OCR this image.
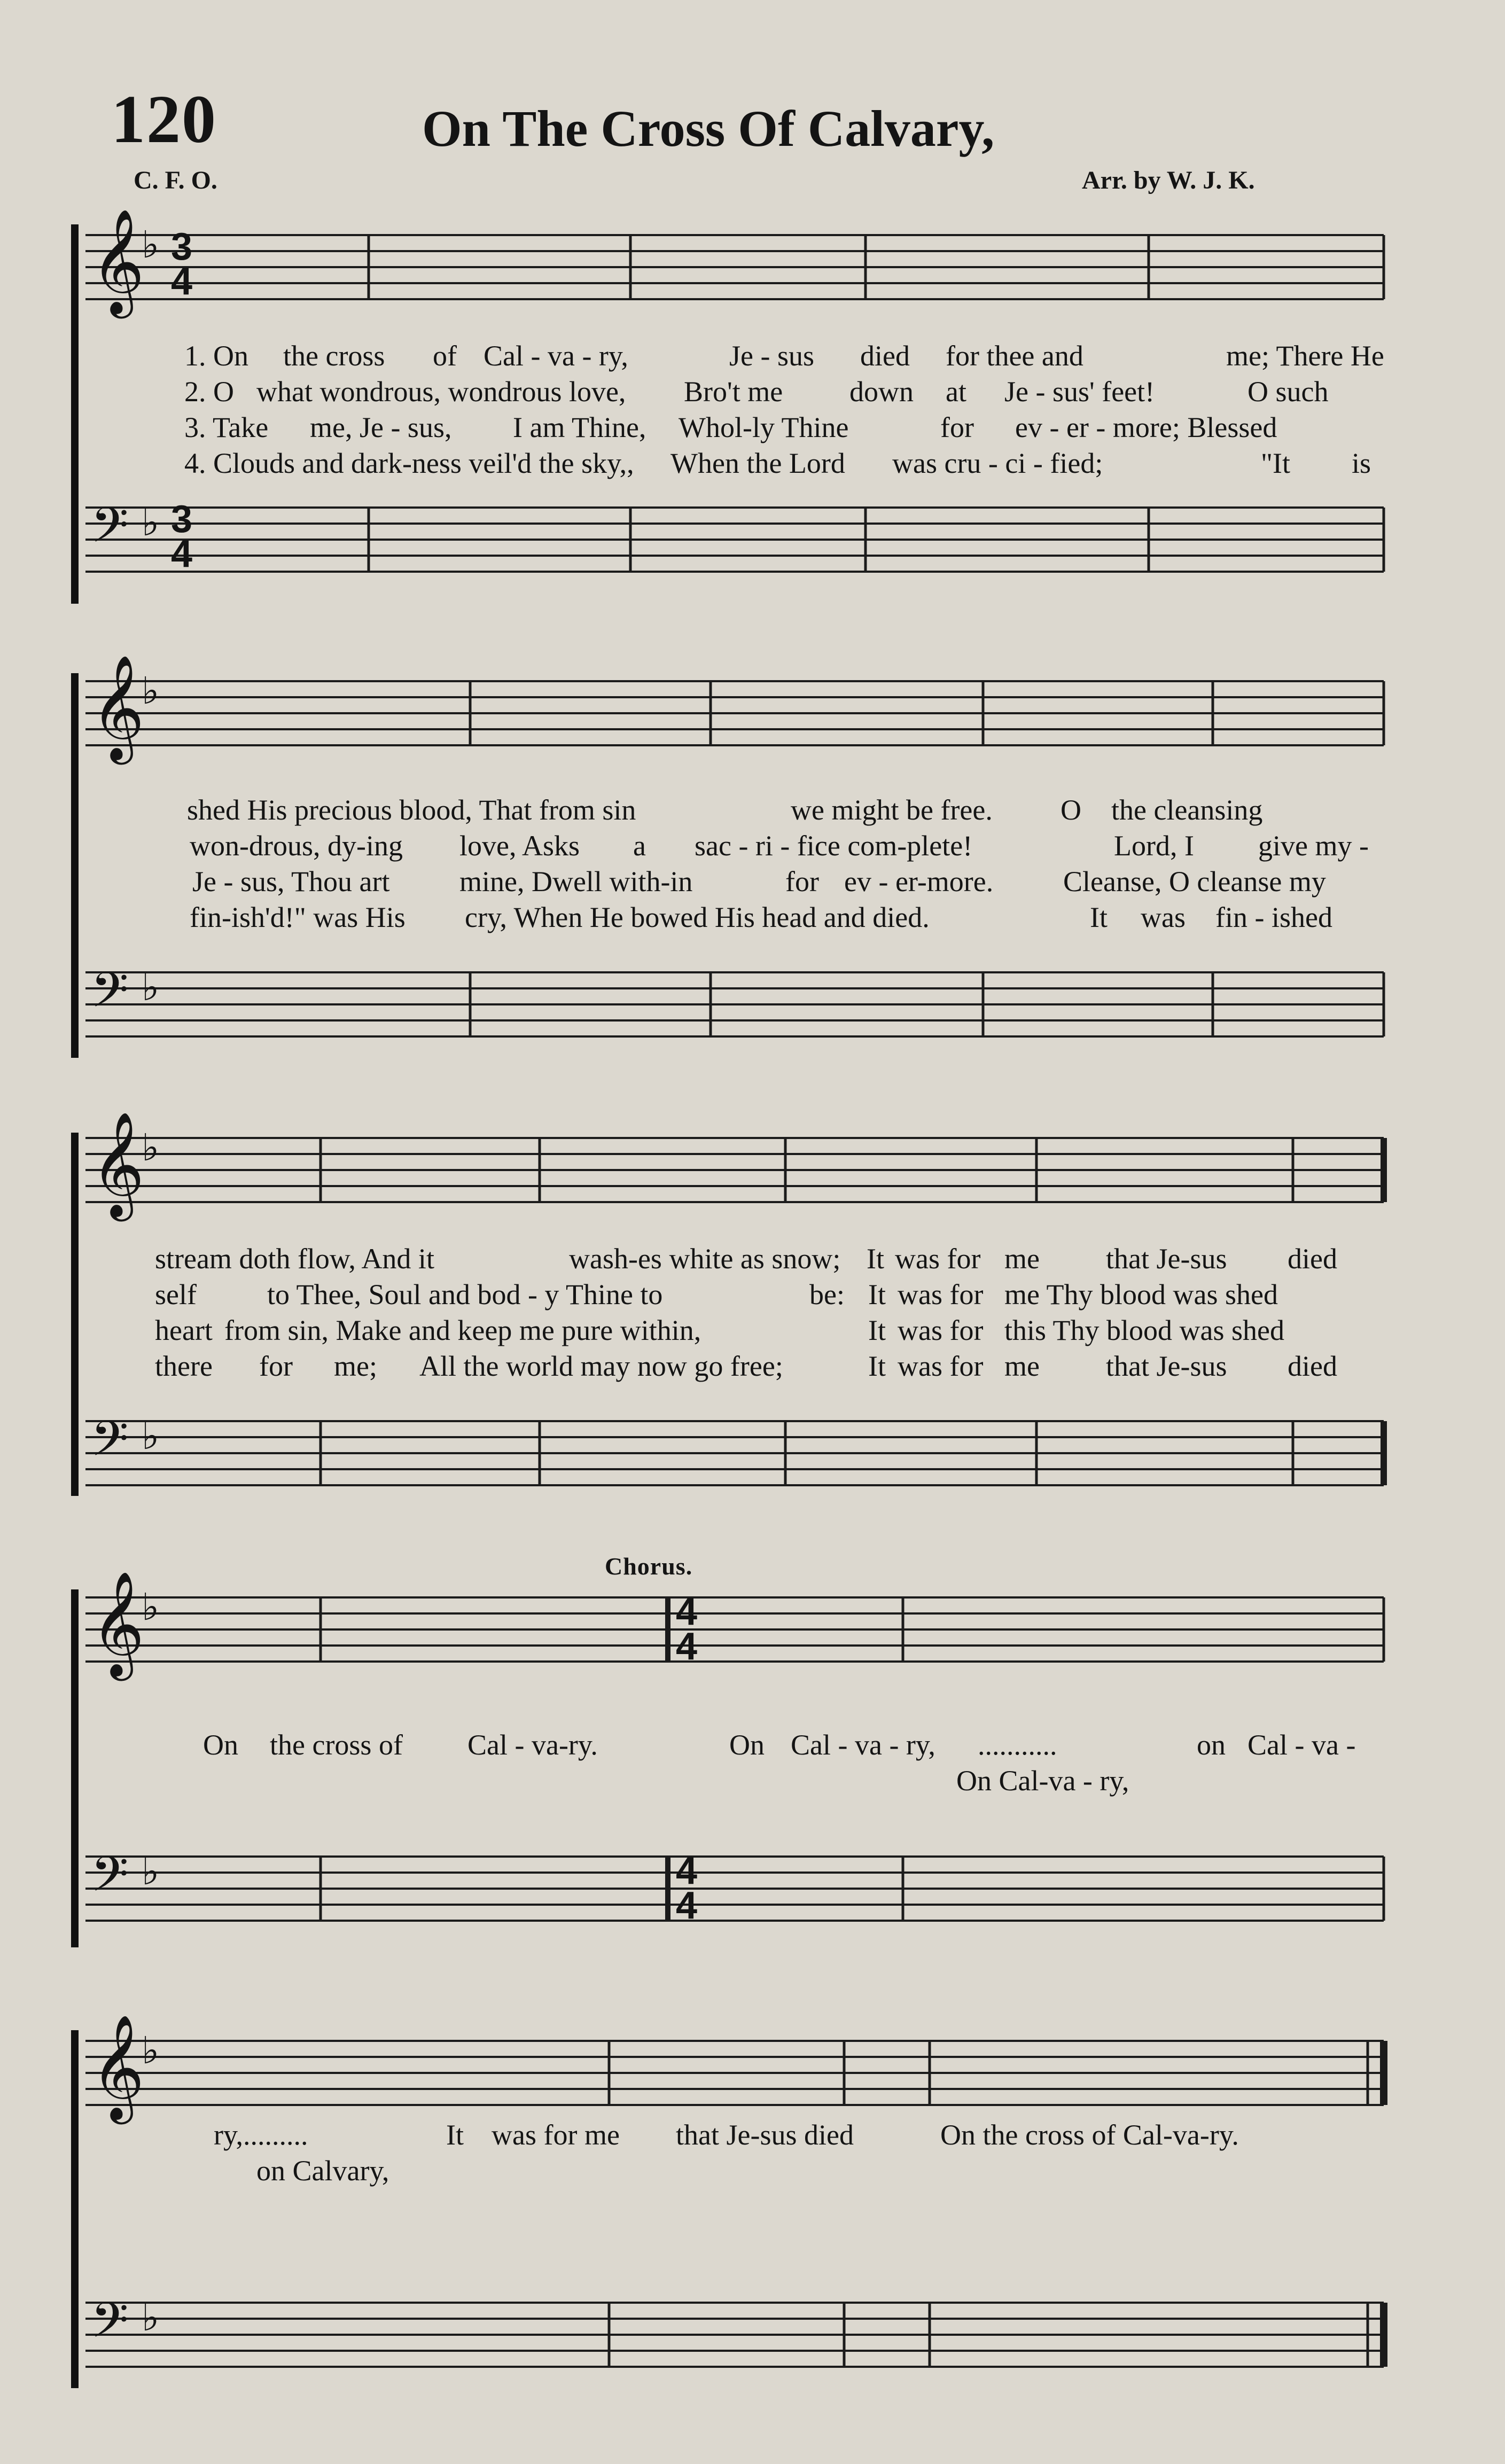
120	On The Cross Of Calvary,
C. F. O.	Arr. by W. J. K.
𝄞
♭ 3
4
𝄢 ♭ 3
4
1. On the cross of Cal - va - ry,	Je - sus died for thee and	me; There He
2. O what wondrous, wondrous love, Bro't me down at Je - sus' feet!	O such
3. Take me, Je - sus, I am Thine, Whol-ly Thine	for ev - er - more; Blessed
4. Clouds and dark-ness veil'd the sky,, When the Lord was cru - ci - fied;	"It is
𝄞
♭
𝄢 ♭
shed His precious blood, That from sin	we might be free. O the cleansing
won-drous, dy-ing love, Asks a sac - ri - fice com-plete!	Lord, I give my -
Je - sus, Thou art mine, Dwell with-in	for ev - er-more. Cleanse, O cleanse my
fin-ish'd!" was His cry, When He bowed His head and died.	It was fin - ished
𝄞
♭
𝄢 ♭
stream doth flow, And it	wash-es white as snow; It was for me that Je-sus died
self to Thee, Soul and bod - y Thine to	be: It was for me Thy blood was shed
heart from sin, Make and keep me pure within,	It was for this Thy blood was shed
there for me; All the world may now go free;	It was for me that Je-sus died
Chorus.
𝄞
♭	4
4
𝄢 ♭	4
4
On the cross of Cal - va-ry.	On Cal - va - ry, ...........	on Cal - va -
On Cal-va - ry,
𝄞
♭
𝄢 ♭
ry,.........	It was for me that Je-sus died	On the cross of Cal-va-ry.
on Calvary,
